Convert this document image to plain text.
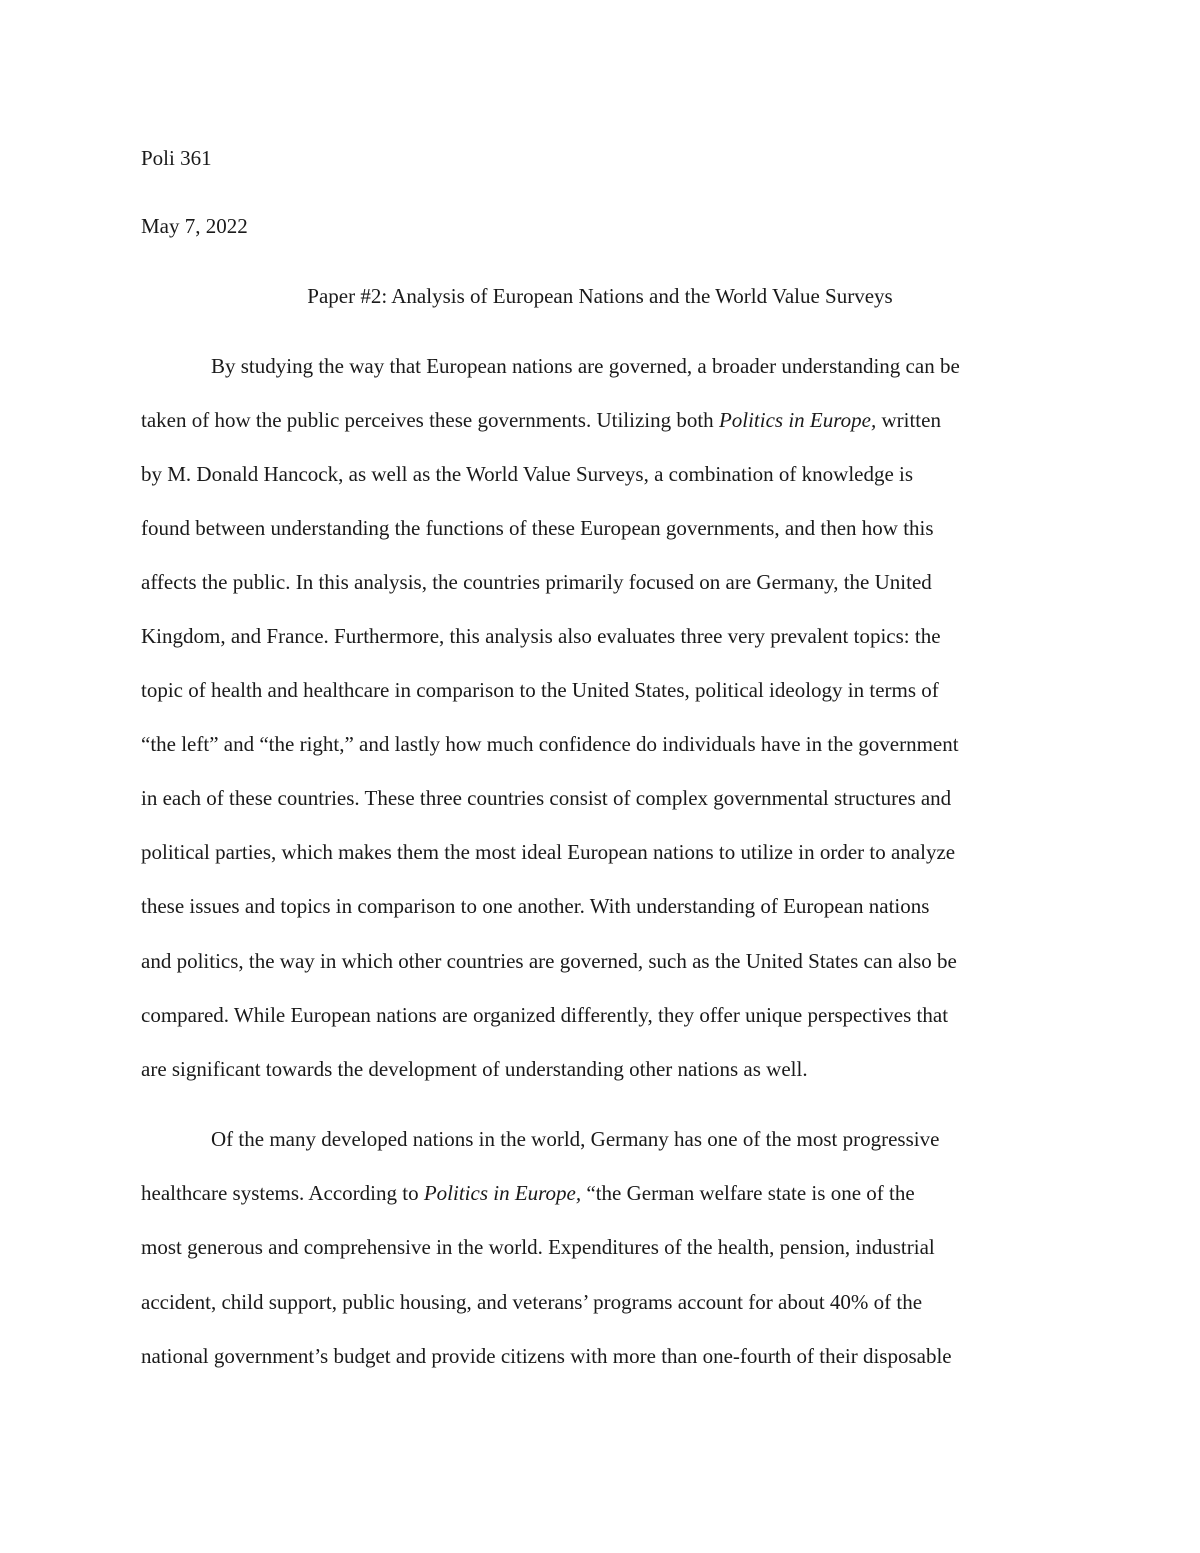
Poli 361
May 7, 2022
Paper #2: Analysis of European Nations and the World Value Surveys
By studying the way that European nations are governed, a broader understanding can be
taken of how the public perceives these governments. Utilizing both Politics in Europe, written
by M. Donald Hancock, as well as the World Value Surveys, a combination of knowledge is
found between understanding the functions of these European governments, and then how this
affects the public. In this analysis, the countries primarily focused on are Germany, the United
Kingdom, and France. Furthermore, this analysis also evaluates three very prevalent topics: the
topic of health and healthcare in comparison to the United States, political ideology in terms of
“the left” and “the right,” and lastly how much confidence do individuals have in the government
in each of these countries. These three countries consist of complex governmental structures and
political parties, which makes them the most ideal European nations to utilize in order to analyze
these issues and topics in comparison to one another. With understanding of European nations
and politics, the way in which other countries are governed, such as the United States can also be
compared. While European nations are organized differently, they offer unique perspectives that
are significant towards the development of understanding other nations as well.
Of the many developed nations in the world, Germany has one of the most progressive
healthcare systems. According to Politics in Europe, “the German welfare state is one of the
most generous and comprehensive in the world. Expenditures of the health, pension, industrial
accident, child support, public housing, and veterans’ programs account for about 40% of the
national government’s budget and provide citizens with more than one-fourth of their disposable
